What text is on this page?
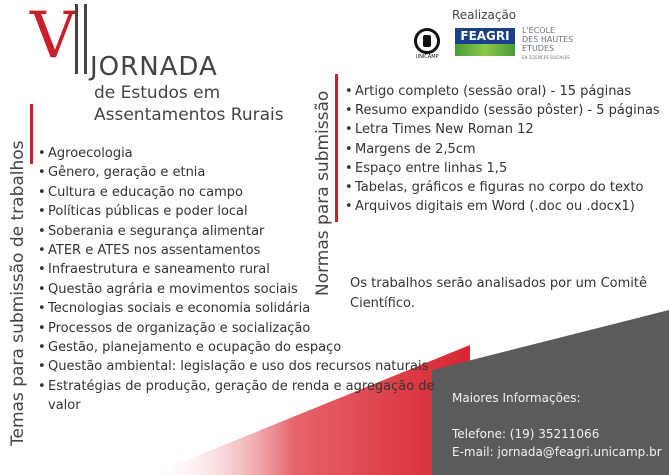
V JORNADA
de Estudos em
Assentamentos Rurais
Realização
UNICAMP
FEAGRI	L'ECOLE
DES HAUTES
ETUDES
EN SCIENCES SOCIALES
Temas para submissão de trabalhos	• Agroecologia
• Gênero, geração e etnia
• Cultura e educação no campo
• Políticas públicas e poder local
• Soberania e segurança alimentar
• ATER e ATES nos assentamentos
• Infraestrutura e saneamento rural
• Questão agrária e movimentos sociais
• Tecnologias sociais e economia solidária
• Processos de organização e socialização
• Gestão, planejamento e ocupação do espaço
• Questão ambiental: legislação e uso dos recursos naturais
• Estratégias de produção, geração de renda e agregação de valor
Normas para submissão	• Artigo completo (sessão oral) - 15 páginas
• Resumo expandido (sessão pôster) - 5 páginas
• Letra Times New Roman 12
• Margens de 2,5cm
• Espaço entre linhas 1,5
• Tabelas, gráficos e figuras no corpo do texto
• Arquivos digitais em Word (.doc ou .docx1)
Os trabalhos serão analisados por um Comitê Científico.
Maiores Informações:
Telefone: (19) 35211066
E-mail: jornada@feagri.unicamp.br
